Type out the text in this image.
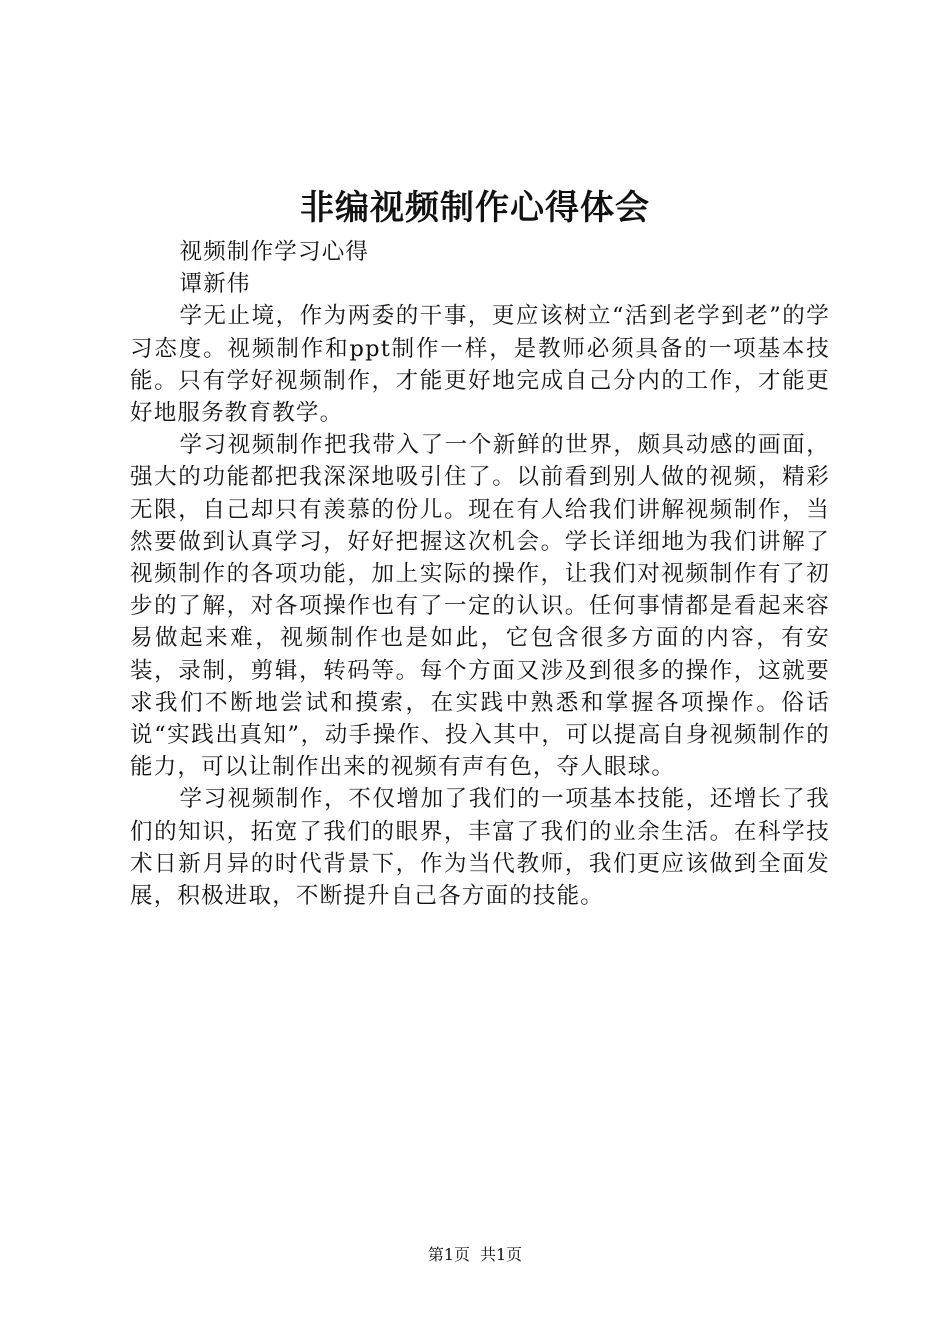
非编视频制作心得体会

视频制作学习心得

谭新伟

学无止境，作为两委的干事，更应该树立“活到老学到老”的学习态度。视频制作和ppt制作一样，是教师必须具备的一项基本技能。只有学好视频制作，才能更好地完成自己分内的工作，才能更好地服务教育教学。

学习视频制作把我带入了一个新鲜的世界，颇具动感的画面，强大的功能都把我深深地吸引住了。以前看到别人做的视频，精彩无限，自己却只有羡慕的份儿。现在有人给我们讲解视频制作，当然要做到认真学习，好好把握这次机会。学长详细地为我们讲解了视频制作的各项功能，加上实际的操作，让我们对视频制作有了初步的了解，对各项操作也有了一定的认识。任何事情都是看起来容易做起来难，视频制作也是如此，它包含很多方面的内容，有安装，录制，剪辑，转码等。每个方面又涉及到很多的操作，这就要求我们不断地尝试和摸索，在实践中熟悉和掌握各项操作。俗话说“实践出真知”，动手操作、投入其中，可以提高自身视频制作的能力，可以让制作出来的视频有声有色，夺人眼球。

学习视频制作，不仅增加了我们的一项基本技能，还增长了我们的知识，拓宽了我们的眼界，丰富了我们的业余生活。在科学技术日新月异的时代背景下，作为当代教师，我们更应该做到全面发展，积极进取，不断提升自己各方面的技能。

第1页 共1页
